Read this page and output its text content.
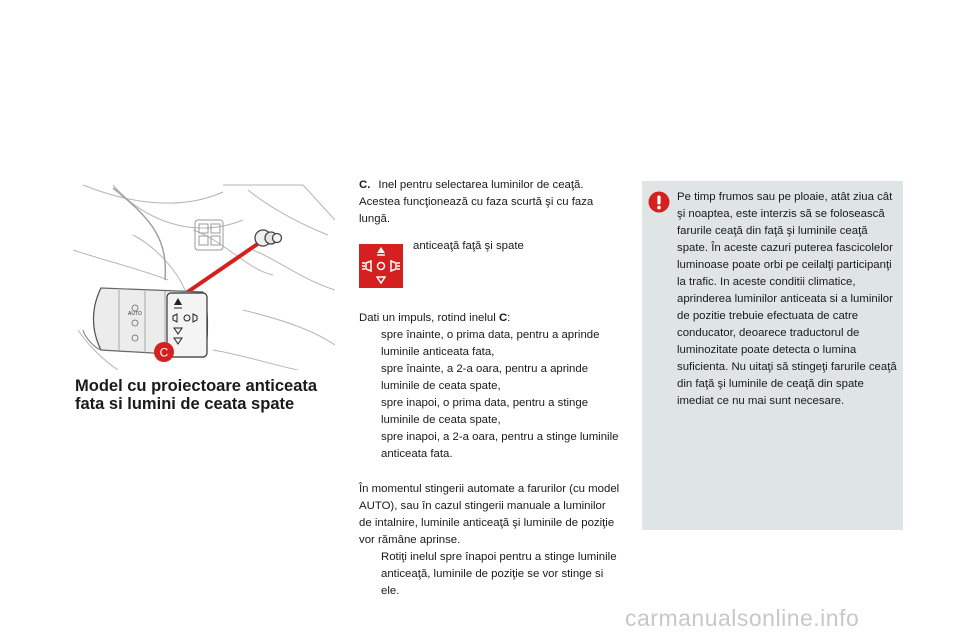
AUTO
C
Model cu proiectoare anticeata fata si lumini de ceata spate

C. Inel pentru selectarea luminilor de ceaţă. Acestea funcţionează cu faza scurtă şi cu faza lungă.

anticeaţă faţă şi spate

Dati un impuls, rotind inelul C:

spre înainte, o prima data, pentru a aprinde luminile anticeata fata,
spre înainte, a 2-a oara, pentru a aprinde luminile de ceata spate,
spre inapoi, o prima data, pentru a stinge luminile de ceata spate,
spre inapoi, a 2-a oara, pentru a stinge luminile anticeata fata.

În momentul stingerii automate a farurilor (cu model AUTO), sau în cazul stingerii manuale a luminilor de intalnire, luminile anticeaţă şi luminile de poziţie vor rămâne aprinse.

Rotiţi inelul spre înapoi pentru a stinge luminile anticeaţă, luminile de poziţie se vor stinge si ele.

Pe timp frumos sau pe ploaie, atât ziua cât şi noaptea, este interzis să se folosească farurile ceaţă din faţă şi luminile ceaţă spate. În aceste cazuri puterea fascicolelor luminoase poate orbi pe ceilalţi participanţi la trafic. In aceste conditii climatice, aprinderea luminilor anticeata si a luminilor de pozitie trebuie efectuata de catre conducator, deoarece traductorul de luminozitate poate detecta o lumina suficienta. Nu uitaţi să stingeţi farurile ceaţă din faţă şi luminile de ceaţă din spate imediat ce nu mai sunt necesare.

carmanualsonline.info
